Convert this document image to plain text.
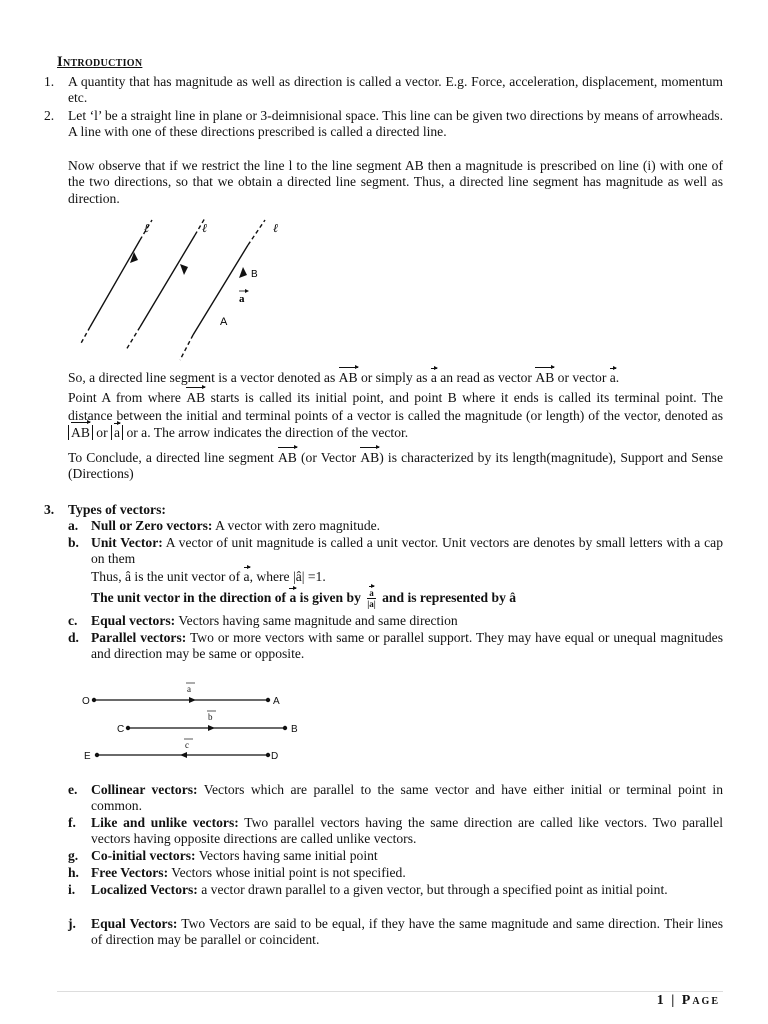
Introduction
1. A quantity that has magnitude as well as direction is called a vector. E.g. Force, acceleration, displacement, momentum etc.
2. Let ‘l’ be a straight line in plane or 3-deimnisional space. This line can be given two directions by means of arrowheads. A line with one of these directions prescribed is called a directed line.
Now observe that if we restrict the line l to the line segment AB then a magnitude is prescribed on line (i) with one of the two directions, so that we obtain a directed line segment. Thus, a directed line segment has magnitude as well as direction.
ℓ	ℓ	ℓ
B
A
a
So, a directed line segment is a vector denoted as AB or simply as a an read as vector AB or vector a.
Point A from where AB starts is called its initial point, and point B where it ends is called its terminal point. The distance between the initial and terminal points of a vector is called the magnitude (or length) of the vector, denoted as AB or a or a. The arrow indicates the direction of the vector.
To Conclude, a directed line segment AB (or Vector AB) is characterized by its length(magnitude), Support and Sense (Directions)
3. Types of vectors:
a. Null or Zero vectors: A vector with zero magnitude.
b. Unit Vector: A vector of unit magnitude is called a unit vector. Unit vectors are denotes by small letters with a cap on them
Thus, â is the unit vector of a, where |â| =1.
The unit vector in the direction of a is given by $\frac{a}{|a|}$ and is represented by â
c. Equal vectors: Vectors having same magnitude and same direction
d. Parallel vectors: Two or more vectors with same or parallel support. They may have equal or unequal magnitudes and direction may be same or opposite.
O	A
C	B
E	D
a
b
c
e. Collinear vectors: Vectors which are parallel to the same vector and have either initial or terminal point in common.
f. Like and unlike vectors: Two parallel vectors having the same direction are called like vectors. Two parallel vectors having opposite directions are called unlike vectors.
g. Co-initial vectors: Vectors having same initial point
h. Free Vectors: Vectors whose initial point is not specified.
i. Localized Vectors: a vector drawn parallel to a given vector, but through a specified point as initial point.
j. Equal Vectors: Two Vectors are said to be equal, if they have the same magnitude and same direction. Their lines of direction may be parallel or coincident.
1 | Page
